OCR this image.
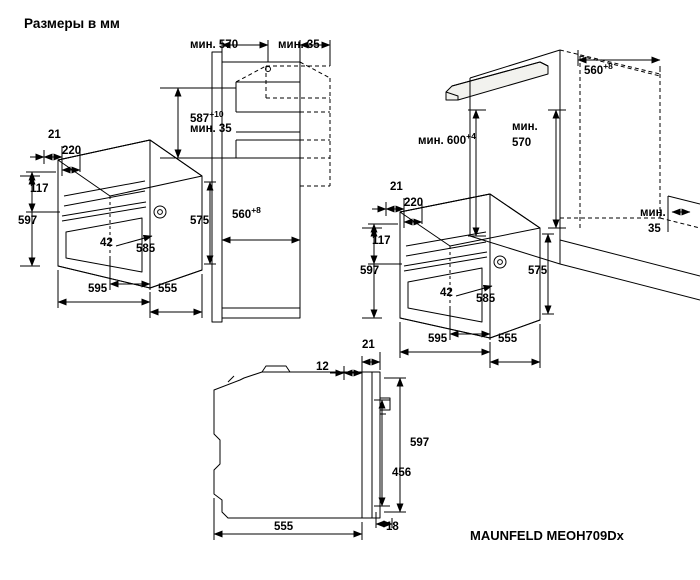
Размеры в мм
MAUNFELD MEOH709Dx
21
220
117
597
42 585
595	555
575
мин. 570	мин. 35
$587^{+10}$
мин. 35
$560^{+8}$
$560^{+8}$
мин. $600^{+4}$
мин.
570
мин.
35
21
220
117
597
42 585
595	555
575
21
12
597
456
555	18
